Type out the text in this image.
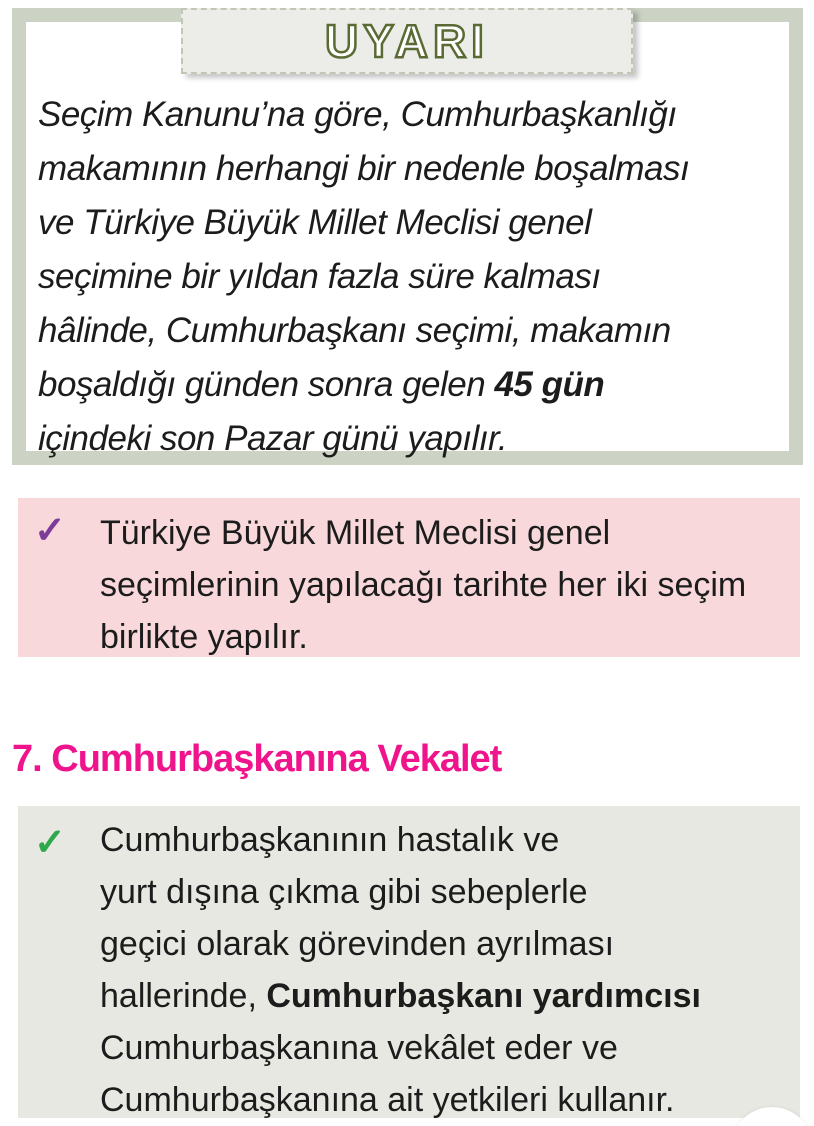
Seçim Kanunu’na göre, Cumhurbaşkanlığı
makamının herhangi bir nedenle boşalması
ve Türkiye Büyük Millet Meclisi genel
seçimine bir yıldan fazla süre kalması
hâlinde, Cumhurbaşkanı seçimi, makamın
boşaldığı günden sonra gelen 45 gün
içindeki son Pazar günü yapılır.
UYARI
✓ Türkiye Büyük Millet Meclisi genel
seçimlerinin yapılacağı tarihte her iki seçim
birlikte yapılır.
7. Cumhurbaşkanına Vekalet
✓ Cumhurbaşkanının hastalık ve
yurt dışına çıkma gibi sebeplerle
geçici olarak görevinden ayrılması
hallerinde, Cumhurbaşkanı yardımcısı
Cumhurbaşkanına vekâlet eder ve
Cumhurbaşkanına ait yetkileri kullanır.
